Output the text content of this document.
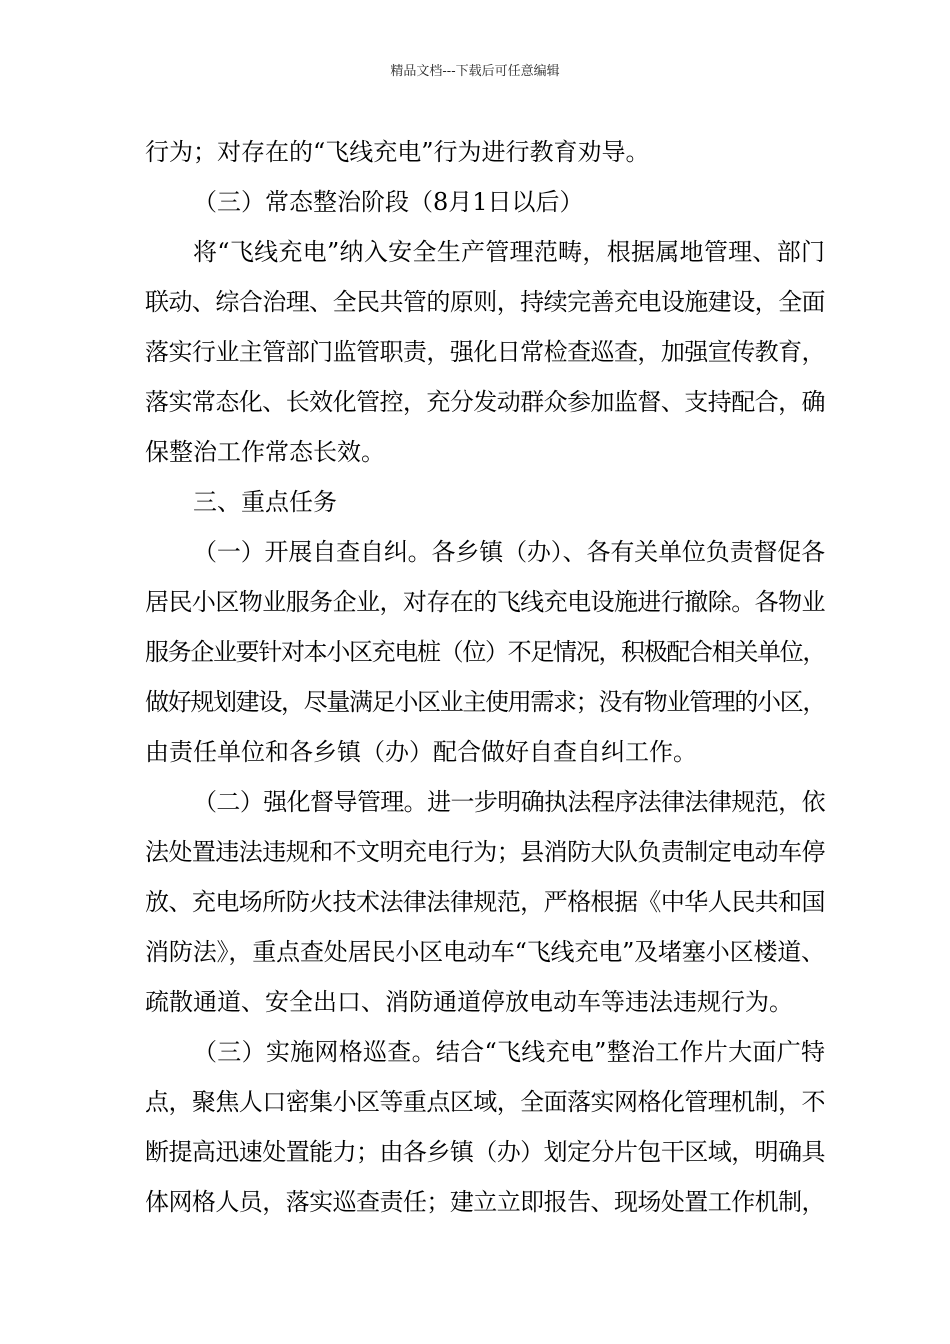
精品文档---下载后可任意编辑
行为；对存在的“飞线充电”行为进行教育劝导。
（三）常态整治阶段（8月1日以后）
将“飞线充电”纳入安全生产管理范畴，根据属地管理、部门
联动、综合治理、全民共管的原则，持续完善充电设施建设，全面
落实行业主管部门监管职责，强化日常检查巡查，加强宣传教育，
落实常态化、长效化管控，充分发动群众参加监督、支持配合，确
保整治工作常态长效。
三、重点任务
（一）开展自查自纠。各乡镇（办）、各有关单位负责督促各
居民小区物业服务企业，对存在的飞线充电设施进行撤除。各物业
服务企业要针对本小区充电桩（位）不足情况，积极配合相关单位，
做好规划建设，尽量满足小区业主使用需求；没有物业管理的小区，
由责任单位和各乡镇（办）配合做好自查自纠工作。
（二）强化督导管理。进一步明确执法程序法律法律规范，依
法处置违法违规和不文明充电行为；县消防大队负责制定电动车停
放、充电场所防火技术法律法律规范，严格根据《中华人民共和国
消防法》，重点查处居民小区电动车“飞线充电”及堵塞小区楼道、
疏散通道、安全出口、消防通道停放电动车等违法违规行为。
（三）实施网格巡查。结合“飞线充电”整治工作片大面广特
点，聚焦人口密集小区等重点区域，全面落实网格化管理机制，不
断提高迅速处置能力；由各乡镇（办）划定分片包干区域，明确具
体网格人员，落实巡查责任；建立立即报告、现场处置工作机制，
